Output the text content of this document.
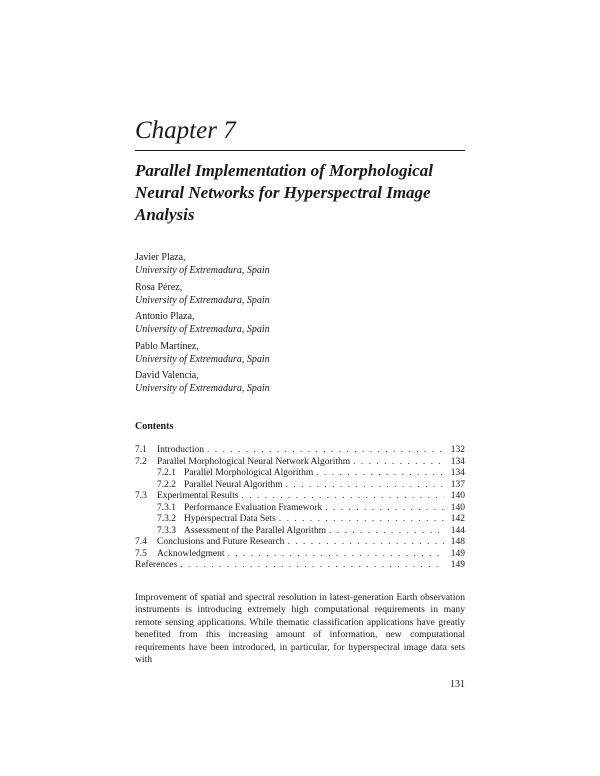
Chapter 7
Parallel Implementation of Morphological Neural Networks for Hyperspectral Image Analysis
Javier Plaza,
University of Extremadura, Spain
Rosa Pérez,
University of Extremadura, Spain
Antonio Plaza,
University of Extremadura, Spain
Pablo Martínez,
University of Extremadura, Spain
David Valencia,
University of Extremadura, Spain
Contents
7.1	Introduction . . .	132
7.2	Parallel Morphological Neural Network Algorithm . . .	134
7.2.1 Parallel Morphological Algorithm . . .	134
7.2.2 Parallel Neural Algorithm . . .	137
7.3	Experimental Results . . .	140
7.3.1 Performance Evaluation Framework . . .	140
7.3.2 Hyperspectral Data Sets . . .	142
7.3.3 Assessment of the Parallel Algorithm . . .	144
7.4	Conclusions and Future Research . . .	148
7.5	Acknowledgment . . .	149
References . . .	149
Improvement of spatial and spectral resolution in latest-generation Earth observation instruments is introducing extremely high computational requirements in many remote sensing applications. While thematic classification applications have greatly benefited from this increasing amount of information, new computational requirements have been introduced, in particular, for hyperspectral image data sets with
131
